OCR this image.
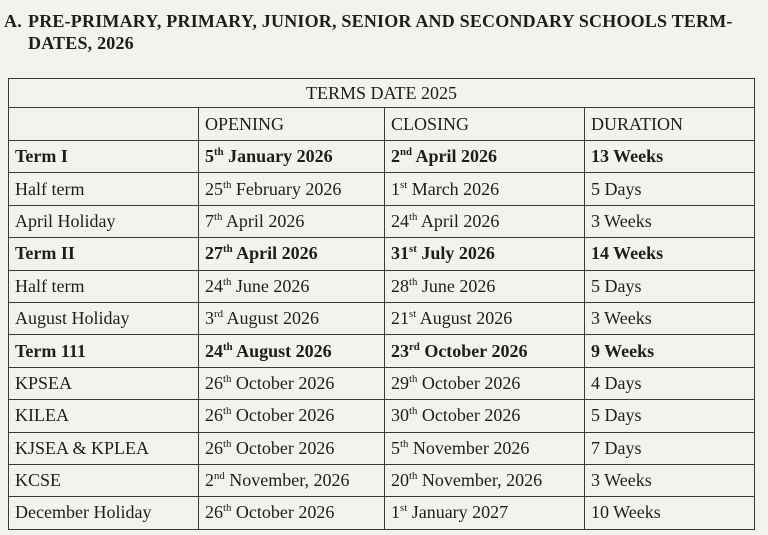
A. PRE-PRIMARY, PRIMARY, JUNIOR, SENIOR AND SECONDARY SCHOOLS TERM-
DATES, 2026
TERMS DATE 2025			
	OPENING	CLOSING	DURATION
Term I	5th January 2026	2nd April 2026	13 Weeks
Half term	25th February 2026	1st March 2026	5 Days
April Holiday	7th April 2026	24th April 2026	3 Weeks
Term II	27th April 2026	31st July 2026	14 Weeks
Half term	24th June 2026	28th June 2026	5 Days
August Holiday	3rd August 2026	21st August 2026	3 Weeks
Term 111	24th August 2026	23rd October 2026	9 Weeks
KPSEA	26th October 2026	29th October 2026	4 Days
KILEA	26th October 2026	30th October 2026	5 Days
KJSEA & KPLEA	26th October 2026	5th November 2026	7 Days
KCSE	2nd November, 2026	20th November, 2026	3 Weeks
December Holiday	26th October 2026	1st January 2027	10 Weeks
